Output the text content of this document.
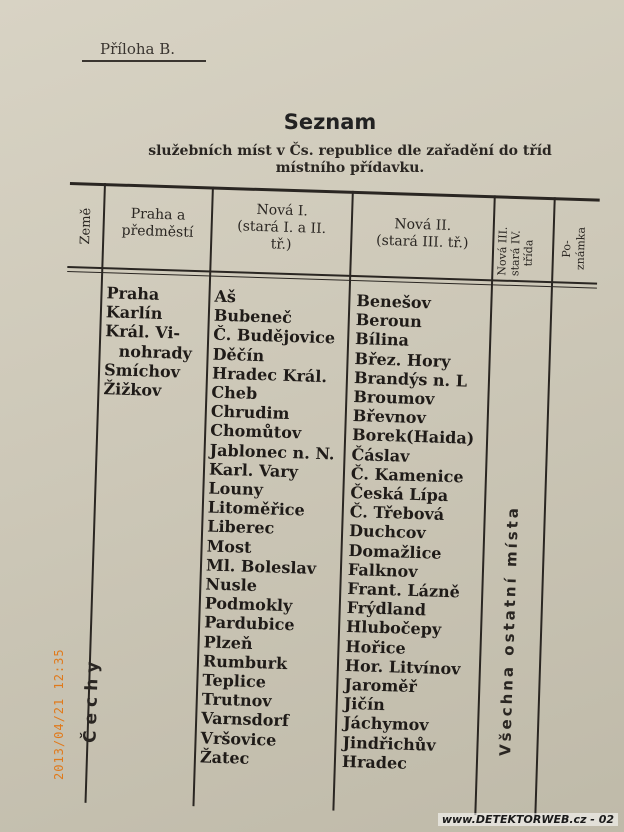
Příloha B.
Seznam
služebních míst v Čs. republice dle zařadění do tříd
místního přídavku.
Země	Praha a
předměstí
Nová I.
(stará I. a II.
tř.)
Nová II.
(stará III. tř.)	Nová III.
stará IV.
třída Po- známka
Čechy
Praha
Karlín
Král. Vi-
nohrady
Smíchov
Žižkov
Aš
Bubeneč
Č. Budějovice
Děčín
Hradec Král.
Cheb
Chrudim
Chomůtov
Jablonec n. N.
Karl. Vary
Louny
Litoměřice
Liberec
Most
Ml. Boleslav
Nusle
Podmokly
Pardubice
Plzeň
Rumburk
Teplice
Trutnov
Varnsdorf
Vršovice
Žatec
Benešov
Beroun
Bílina
Břez. Hory
Brandýs n. L
Broumov
Břevnov
Borek(Haida)
Čáslav
Č. Kamenice
Česká Lípa
Č. Třebová
Duchcov
Domažlice
Falknov
Frant. Lázně
Frýdland
Hlubočepy
Hořice
Hor. Litvínov
Jaroměř
Jičín
Jáchymov
Jindřichův
Hradec
Všechna ostatní místa
2013/04/21 12:35
www.DETEKTORWEB.cz - 02
